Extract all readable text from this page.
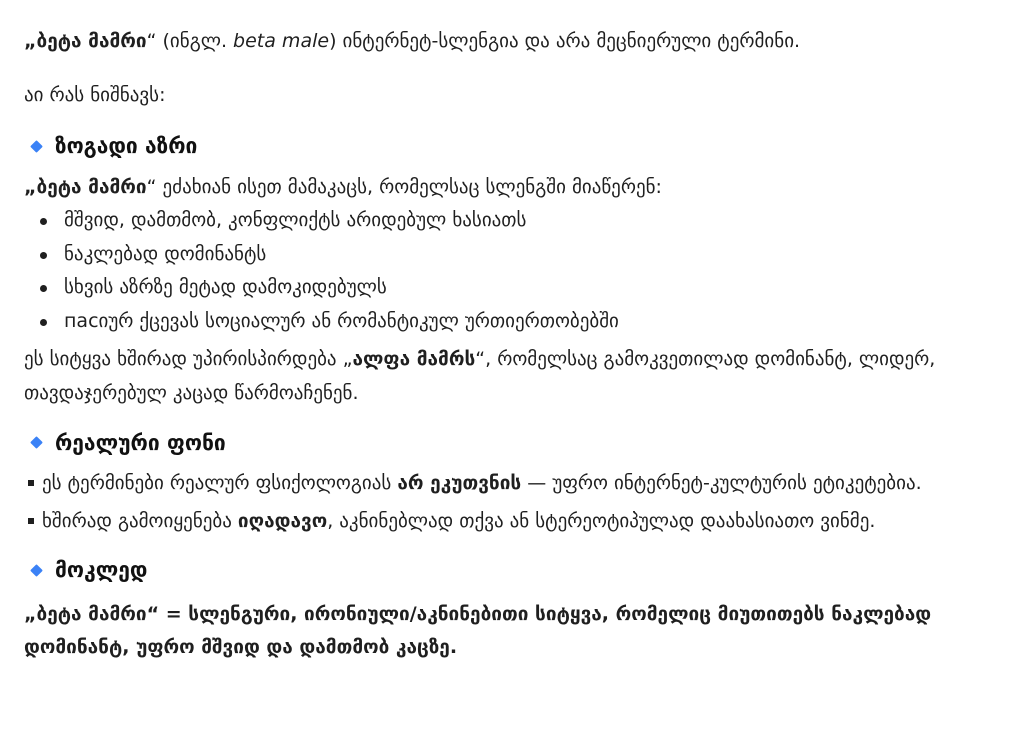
„ბეტა მამრი“ (ინგლ. beta male) ინტერნეტ-სლენგია და არა მეცნიერული ტერმინი.

აი რას ნიშნავს:

ზოგადი აზრი

„ბეტა მამრი“ ეძახიან ისეთ მამაკაცს, რომელსაც სლენგში მიაწერენ:

მშვიდ, დამთმობ, კონფლიქტს არიდებულ ხასიათს
ნაკლებად დომინანტს
სხვის აზრზე მეტად დამოკიდებულს
пасიურ ქცევას სოციალურ ან რომანტიკულ ურთიერთობებში

ეს სიტყვა ხშირად უპირისპირდება „ალფა მამრს“, რომელსაც გამოკვეთილად დომინანტ, ლიდერ, თავდაჯერებულ კაცად წარმოაჩენენ.

რეალური ფონი
ეს ტერმინები რეალურ ფსიქოლოგიას არ ეკუთვნის — უფრო ინტერნეტ-კულტურის ეტიკეტებია.
ხშირად გამოიყენება იღადავო, აკნინებლად თქვა ან სტერეოტიპულად დაახასიათო ვინმე.
მოკლედ

„ბეტა მამრი“ = სლენგური, ირონიული/აკნინებითი სიტყვა, რომელიც მიუთითებს ნაკლებად დომინანტ, უფრო მშვიდ და დამთმობ კაცზე.
